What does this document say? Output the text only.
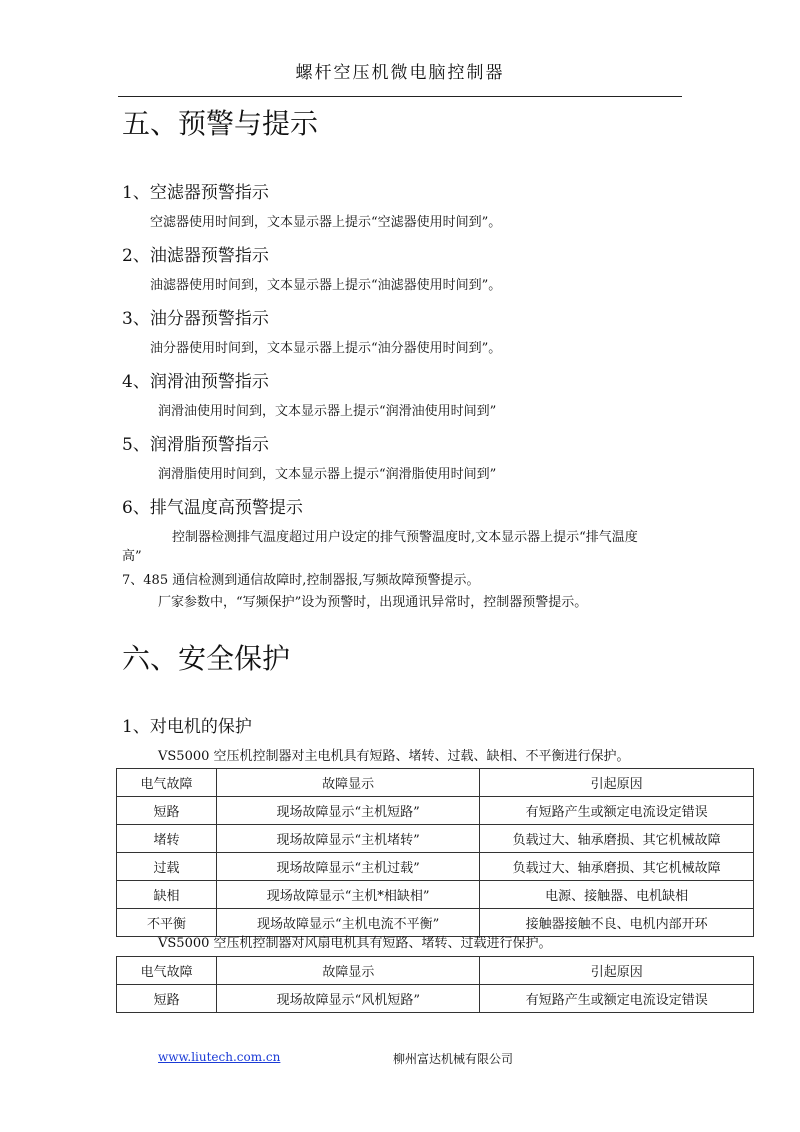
螺杆空压机微电脑控制器
五、预警与提示
1、空滤器预警指示
空滤器使用时间到，文本显示器上提示“空滤器使用时间到”。
2、油滤器预警指示
油滤器使用时间到，文本显示器上提示“油滤器使用时间到”。
3、油分器预警指示
油分器使用时间到，文本显示器上提示“油分器使用时间到”。
4、润滑油预警指示
润滑油使用时间到，文本显示器上提示“润滑油使用时间到”
5、润滑脂预警指示
润滑脂使用时间到，文本显示器上提示“润滑脂使用时间到”
6、排气温度高预警提示
控制器检测排气温度超过用户设定的排气预警温度时,文本显示器上提示“排气温度
高”
7、485 通信检测到通信故障时,控制器报,写频故障预警提示。
厂家参数中，“写频保护”设为预警时，出现通讯异常时，控制器预警提示。
六、安全保护
1、对电机的保护
VS5000 空压机控制器对主电机具有短路、堵转、过载、缺相、不平衡进行保护。
电气故障	故障显示	引起原因
短路	现场故障显示“主机短路”	有短路产生或额定电流设定错误
堵转	现场故障显示“主机堵转”	负载过大、轴承磨损、其它机械故障
过载	现场故障显示“主机过载”	负载过大、轴承磨损、其它机械故障
缺相	现场故障显示“主机*相缺相”	电源、接触器、电机缺相
不平衡	现场故障显示“主机电流不平衡”	接触器接触不良、电机内部开环
VS5000 空压机控制器对风扇电机具有短路、堵转、过载进行保护。
电气故障	故障显示	引起原因
短路	现场故障显示“风机短路”	有短路产生或额定电流设定错误
www.liutech.com.cn	柳州富达机械有限公司
